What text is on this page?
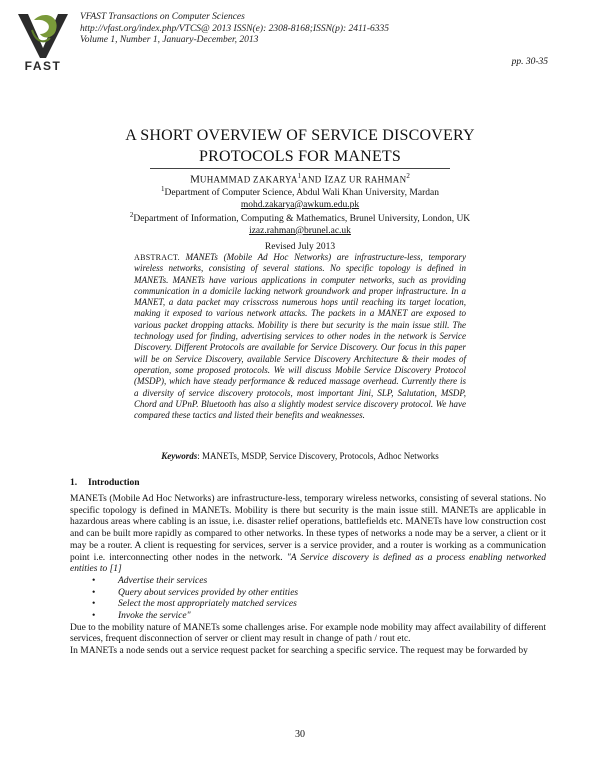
FAST
VFAST Transactions on Computer Sciences
http://vfast.org/index.php/VTCS@ 2013 ISSN(e): 2308-8168;ISSN(p): 2411-6335
Volume 1, Number 1, January-December, 2013
pp. 30-35
A SHORT OVERVIEW OF SERVICE DISCOVERY
PROTOCOLS FOR MANETS
MUHAMMAD ZAKARYA$^1$AND IZAZ UR RAHMAN$^2$
$^1$Department of Computer Science, Abdul Wali Khan University, Mardan
mohd.zakarya@awkum.edu.pk
$^2$Department of Information, Computing & Mathematics, Brunel University, London, UK
izaz.rahman@brunel.ac.uk
Revised July 2013
ABSTRACT. MANETs (Mobile Ad Hoc Networks) are infrastructure-less, temporary wireless networks, consisting of several stations. No specific topology is defined in MANETs. MANETs have various applications in computer networks, such as providing communication in a domicile lacking network groundwork and proper infrastructure. In a MANET, a data packet may crisscross numerous hops until reaching its target location, making it exposed to various network attacks. The packets in a MANET are exposed to various packet dropping attacks. Mobility is there but security is the main issue still. The technology used for finding, advertising services to other nodes in the network is Service Discovery. Different Protocols are available for Service Discovery. Our focus in this paper will be on Service Discovery, available Service Discovery Architecture & their modes of operation, some proposed protocols. We will discuss Mobile Service Discovery Protocol (MSDP), which have steady performance & reduced massage overhead. Currently there is a diversity of service discovery protocols, most important Jini, SLP, Salutation, MSDP, Chord and UPnP. Bluetooth has also a slightly modest service discovery protocol. We have compared these tactics and listed their benefits and weaknesses.
Keywords: MANETs, MSDP, Service Discovery, Protocols, Adhoc Networks
1. Introduction

MANETs (Mobile Ad Hoc Networks) are infrastructure-less, temporary wireless networks, consisting of several stations. No specific topology is defined in MANETs. Mobility is there but security is the main issue still. MANETs are applicable in hazardous areas where cabling is an issue, i.e. disaster relief operations, battlefields etc. MANETs have low construction cost and can be built more rapidly as compared to other networks. In these types of networks a node may be a server, a client or it may be a router. A client is requesting for services, server is a service provider, and a router is working as a communication point i.e. interconnecting other nodes in the network. "A Service discovery is defined as a process enabling networked entities to [1]

• Advertise their services
• Query about services provided by other entities
• Select the most appropriately matched services
• Invoke the service"

Due to the mobility nature of MANETs some challenges arise. For example node mobility may affect availability of different services, frequent disconnection of server or client may result in change of path / rout etc.

In MANETs a node sends out a service request packet for searching a specific service. The request may be forwarded by

30
